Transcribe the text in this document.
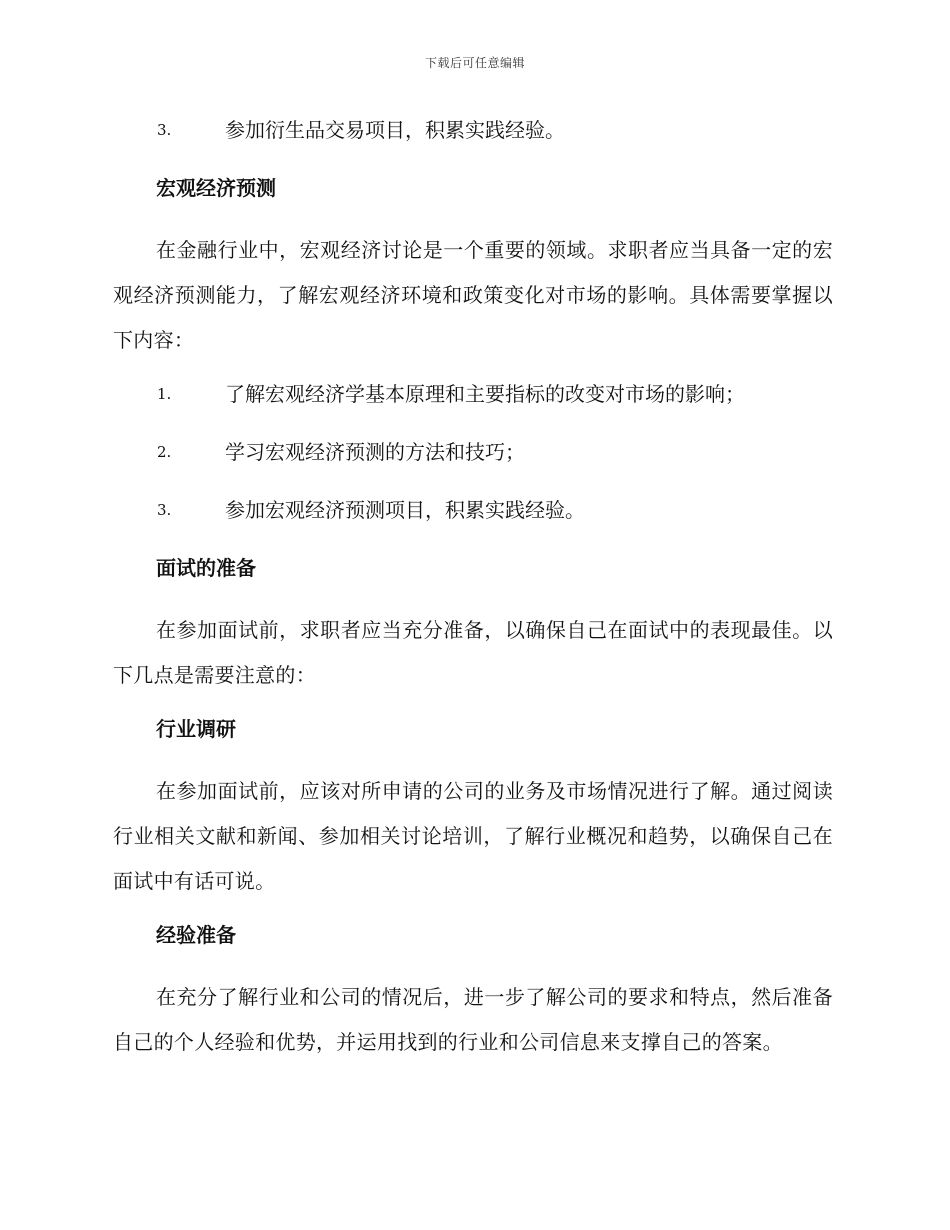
下载后可任意编辑
3.	参加衍生品交易项目，积累实践经验。
宏观经济预测

在金融行业中，宏观经济讨论是一个重要的领域。求职者应当具备一定的宏观经济预测能力，了解宏观经济环境和政策变化对市场的影响。具体需要掌握以下内容：

1.	了解宏观经济学基本原理和主要指标的改变对市场的影响；
2.	学习宏观经济预测的方法和技巧；
3.	参加宏观经济预测项目，积累实践经验。
面试的准备

在参加面试前，求职者应当充分准备，以确保自己在面试中的表现最佳。以下几点是需要注意的：

行业调研

在参加面试前，应该对所申请的公司的业务及市场情况进行了解。通过阅读行业相关文献和新闻、参加相关讨论培训，了解行业概况和趋势，以确保自己在面试中有话可说。

经验准备

在充分了解行业和公司的情况后，进一步了解公司的要求和特点，然后准备自己的个人经验和优势，并运用找到的行业和公司信息来支撑自己的答案。
